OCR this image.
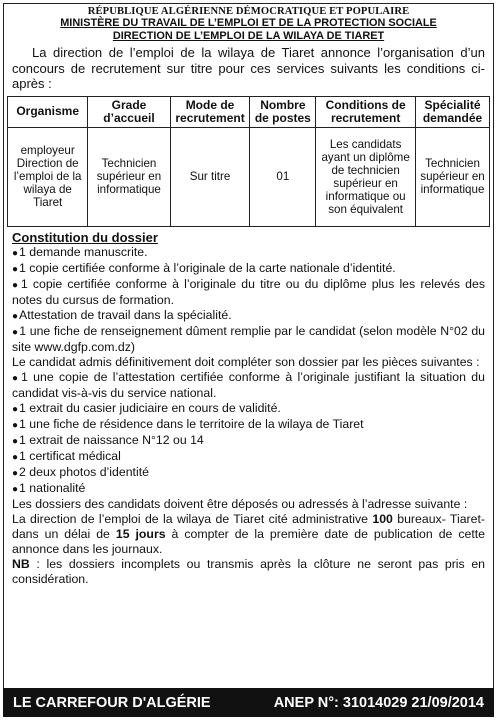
RÉPUBLIQUE ALGÉRIENNE DÉMOCRATIQUE ET POPULAIRE
MINISTÈRE DU TRAVAIL DE L’EMPLOI ET DE LA PROTECTION SOCIALE
DIRECTION DE L’EMPLOI DE LA WILAYA DE TIARET
La direction de l’emploi de la wilaya de Tiaret annonce l’organisation d’un concours de recrutement sur titre pour ces services suivants les conditions ci-après :
Organisme	Grade d’accueil	Mode de recrutement	Nombre de postes	Conditions de recrutement	Spécialité demandée
employeur Direction de l’emploi de la wilaya de Tiaret	Technicien supérieur en informatique	Sur titre	01	Les candidats ayant un diplôme de technicien supérieur en informatique ou son équivalent	Technicien supérieur en informatique
Constitution du dossier
● 1 demande manuscrite.
● 1 copie certifiée conforme à l’originale de la carte nationale d’identité.
● 1 copie certifiée conforme à l’originale du titre ou du diplôme plus les relevés des notes du cursus de formation.
● Attestation de travail dans la spécialité.
● 1 une fiche de renseignement dûment remplie par le candidat (selon modèle N°02 du site www.dgfp.com.dz)
Le candidat admis définitivement doit compléter son dossier par les pièces suivantes :
● 1 une copie de l’attestation certifiée conforme à l’originale justifiant la situation du candidat vis-à-vis du service national.
● 1 extrait du casier judiciaire en cours de validité.
● 1 une fiche de résidence dans le territoire de la wilaya de Tiaret
● 1 extrait de naissance N°12 ou 14
● 1 certificat médical
● 2 deux photos d’identité
● 1 nationalité
Les dossiers des candidats doivent être déposés ou adressés à l’adresse suivante :
La direction de l’emploi de la wilaya de Tiaret cité administrative 100 bureaux- Tiaret- dans un délai de 15 jours à compter de la première date de publication de cette annonce dans les journaux.
NB : les dossiers incomplets ou transmis après la clôture ne seront pas pris en considération.
LE CARREFOUR D'ALGÉRIE	ANEP N°: 31014029 21/09/2014
